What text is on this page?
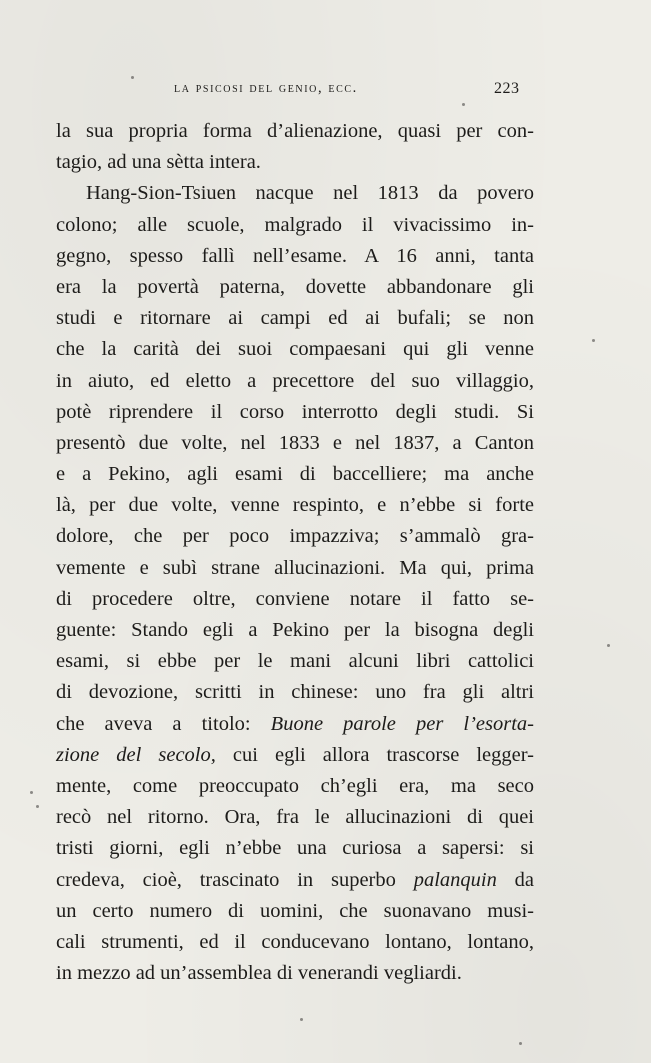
la psicosi del genio, ecc.	223
la sua propria forma d’alienazione, quasi per con-
tagio, ad una sètta intera.
Hang-Sion-Tsiuen nacque nel 1813 da povero
colono; alle scuole, malgrado il vivacissimo in-
gegno, spesso fallì nell’esame. A 16 anni, tanta
era la povertà paterna, dovette abbandonare gli
studi e ritornare ai campi ed ai bufali; se non
che la carità dei suoi compaesani qui gli venne
in aiuto, ed eletto a precettore del suo villaggio,
potè riprendere il corso interrotto degli studi. Si
presentò due volte, nel 1833 e nel 1837, a Canton
e a Pekino, agli esami di baccelliere; ma anche
là, per due volte, venne respinto, e n’ebbe si forte
dolore, che per poco impazziva; s’ammalò gra-
vemente e subì strane allucinazioni. Ma qui, prima
di procedere oltre, conviene notare il fatto se-
guente: Stando egli a Pekino per la bisogna degli
esami, si ebbe per le mani alcuni libri cattolici
di devozione, scritti in chinese: uno fra gli altri
che aveva a titolo: Buone parole per l’esorta-
zione del secolo, cui egli allora trascorse legger-
mente, come preoccupato ch’egli era, ma seco
recò nel ritorno. Ora, fra le allucinazioni di quei
tristi giorni, egli n’ebbe una curiosa a sapersi: si
credeva, cioè, trascinato in superbo palanquin da
un certo numero di uomini, che suonavano musi-
cali strumenti, ed il conducevano lontano, lontano,
in mezzo ad un’assemblea di venerandi vegliardi.
